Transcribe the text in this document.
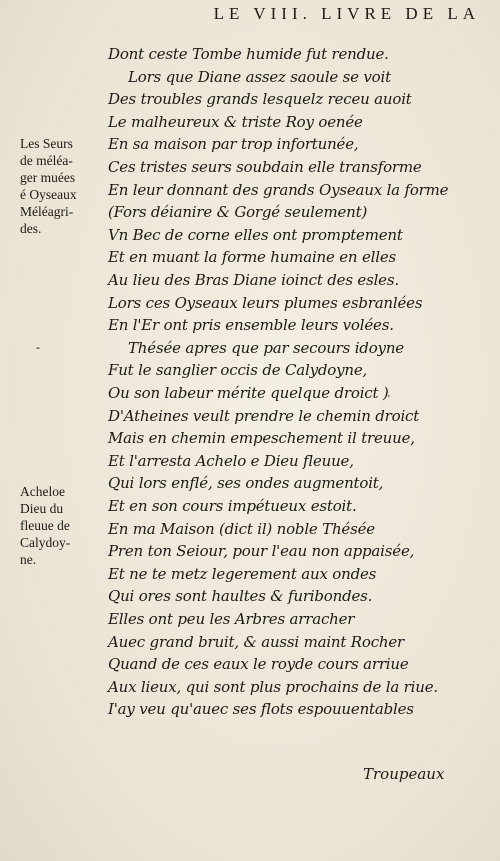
LE VIII. LIVRE DE LA
Les Seurs
de méléa-
ger muées
é Oyseaux
Méléagri-
des.
Acheloe
Dieu du
fleuue de
Calydoy-
ne.
-
'
Dont ceste Tombe humide fut rendue.
Lors que Diane assez saoule se voit
Des troubles grands lesquelz receu auoit
Le malheureux & triste Roy oenée
En sa maison par trop infortunée,
Ces tristes seurs soubdain elle transforme
En leur donnant des grands Oyseaux la forme
(Fors déianire & Gorgé seulement)
Vn Bec de corne elles ont promptement
Et en muant la forme humaine en elles
Au lieu des Bras Diane ioinct des esles.
Lors ces Oyseaux leurs plumes esbranlées
En l'Er ont pris ensemble leurs volées.
Thésée apres que par secours idoyne
Fut le sanglier occis de Calydoyne,
Ou son labeur mérite quelque droict )
D'Atheines veult prendre le chemin droict
Mais en chemin empeschement il treuue,
Et l'arresta Achelo e Dieu fleuue,
Qui lors enflé, ses ondes augmentoit,
Et en son cours impétueux estoit.
En ma Maison (dict il) noble Thésée
Pren ton Seiour, pour l'eau non appaisée,
Et ne te metz legerement aux ondes
Qui ores sont haultes & furibondes.
Elles ont peu les Arbres arracher
Auec grand bruit, & aussi maint Rocher
Quand de ces eaux le royde cours arriue
Aux lieux, qui sont plus prochains de la riue.
I'ay veu qu'auec ses flots espouuentables
Troupeaux
